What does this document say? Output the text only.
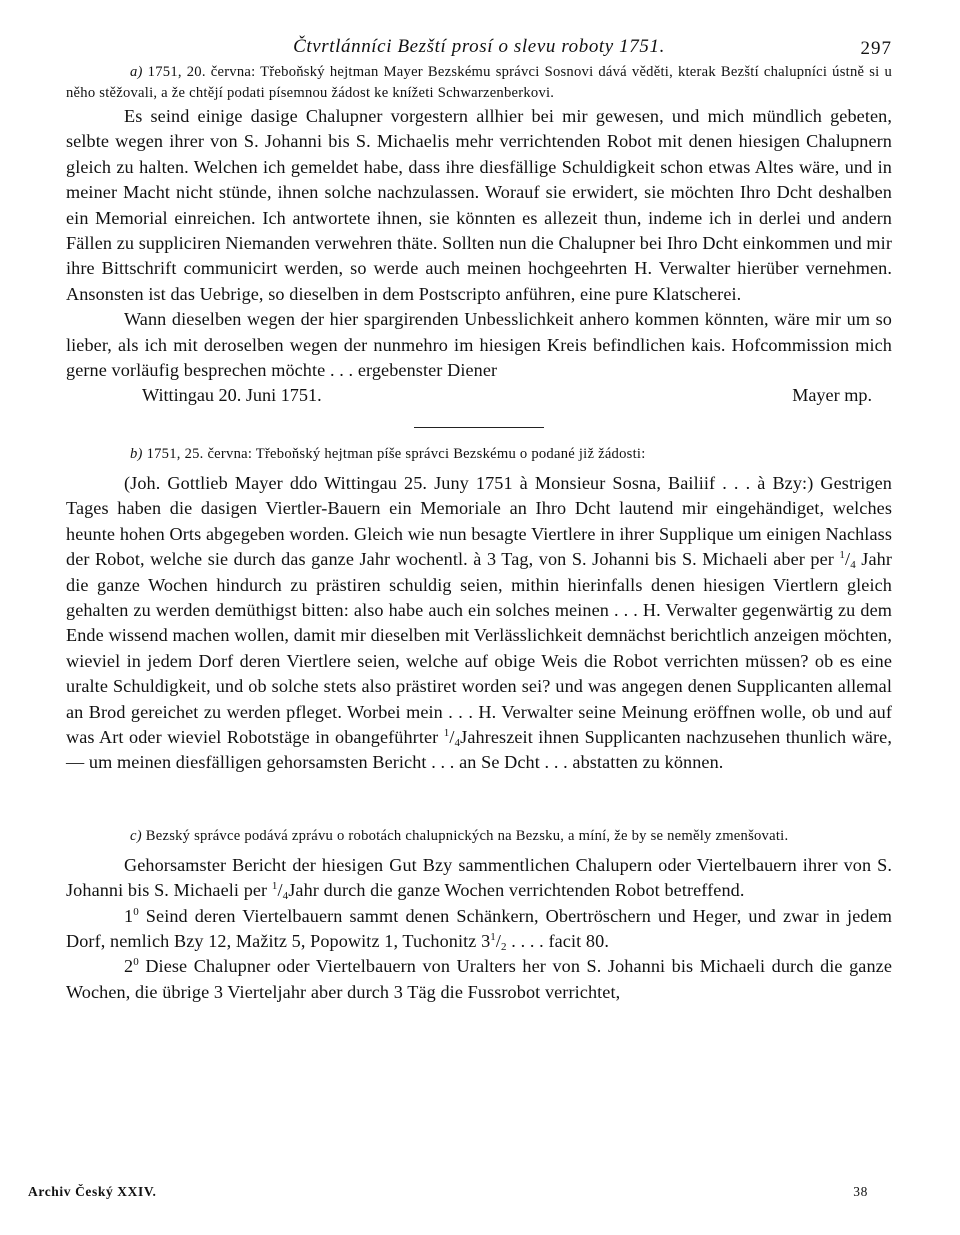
Čtvrtlánníci Bezští prosí o slevu roboty 1751.	297
a) 1751, 20. června: Třeboňský hejtman Mayer Bezskému správci Sosnovi dává věděti, kterak Bezští chalupníci ústně si u něho stěžovali, a že chtějí podati písemnou žádost ke knížeti Schwarzenberkovi.

Es seind einige dasige Chalupner vorgestern allhier bei mir gewesen, und mich mündlich gebeten, selbte wegen ihrer von S. Johanni bis S. Michaelis mehr verrichtenden Robot mit denen hiesigen Chalupnern gleich zu halten. Welchen ich gemeldet habe, dass ihre diesfällige Schuldigkeit schon etwas Altes wäre, und in meiner Macht nicht stünde, ihnen solche nachzulassen. Worauf sie erwidert, sie möchten Ihro Dcht deshalben ein Memorial einreichen. Ich antwortete ihnen, sie könnten es allezeit thun, indeme ich in derlei und andern Fällen zu suppliciren Niemanden verwehren thäte. Sollten nun die Chalupner bei Ihro Dcht einkommen und mir ihre Bittschrift communicirt werden, so werde auch meinen hochgeehrten H. Verwalter hierüber vernehmen. Ansonsten ist das Uebrige, so dieselben in dem Postscripto anführen, eine pure Klatscherei.

Wann dieselben wegen der hier spargirenden Unbesslichkeit anhero kommen könnten, wäre mir um so lieber, als ich mit deroselben wegen der nunmehro im hiesigen Kreis befindlichen kais. Hofcommission mich gerne vorläufig besprechen möchte . . . ergebenster Diener

Wittingau 20. Juni 1751.	Mayer mp.
b) 1751, 25. června: Třeboňský hejtman píše správci Bezskému o podané již žádosti:

(Joh. Gottlieb Mayer ddo Wittingau 25. Juny 1751 à Monsieur Sosna, Bailiif . . . à Bzy:) Gestrigen Tages haben die dasigen Viertler-Bauern ein Memoriale an Ihro Dcht lautend mir eingehändiget, welches heunte hohen Orts abgegeben worden. Gleich wie nun besagte Viertlere in ihrer Supplique um einigen Nachlass der Robot, welche sie durch das ganze Jahr wochentl. à 3 Tag, von S. Johanni bis S. Michaeli aber per $^1/_4$ Jahr die ganze Wochen hindurch zu prästiren schuldig seien, mithin hierinfalls denen hiesigen Viertlern gleich gehalten zu werden demüthigst bitten: also habe auch ein solches meinen . . . H. Verwalter gegenwärtig zu dem Ende wissend machen wollen, damit mir dieselben mit Verlässlichkeit demnächst berichtlich anzeigen möchten, wieviel in jedem Dorf deren Viertlere seien, welche auf obige Weis die Robot verrichten müssen? ob es eine uralte Schuldigkeit, und ob solche stets also prästiret worden sei? und was angegen denen Supplicanten allemal an Brod gereichet zu werden pfleget. Worbei mein . . . H. Verwalter seine Meinung eröffnen wolle, ob und auf was Art oder wieviel Robotstäge in obangeführter $^1/_4Jahreszeit$ ihnen Supplicanten nachzusehen thunlich wäre, — um meinen diesfälligen gehorsamsten Bericht . . . an Se Dcht . . . abstatten zu können.

c) Bezský správce podává zprávu o robotách chalupnických na Bezsku, a míní, že by se neměly zmenšovati.

Gehorsamster Bericht der hiesigen Gut Bzy sammentlichen Chalupern oder Viertelbauern ihrer von S. Johanni bis S. Michaeli per $^1/_4Jahr$ durch die ganze Wochen verrichtenden Robot betreffend.

$1^0$ Seind deren Viertelbauern sammt denen Schänkern, Obertröschern und Heger, und zwar in jedem Dorf, nemlich Bzy 12, Mažitz 5, Popowitz 1, Tuchonitz $3^1/_2$ . . . . facit 80.

$2^0$ Diese Chalupner oder Viertelbauern von Uralters her von S. Johanni bis Michaeli durch die ganze Wochen, die übrige 3 Vierteljahr aber durch 3 Täg die Fussrobot verrichtet,

Archiv Český XXIV.	38
